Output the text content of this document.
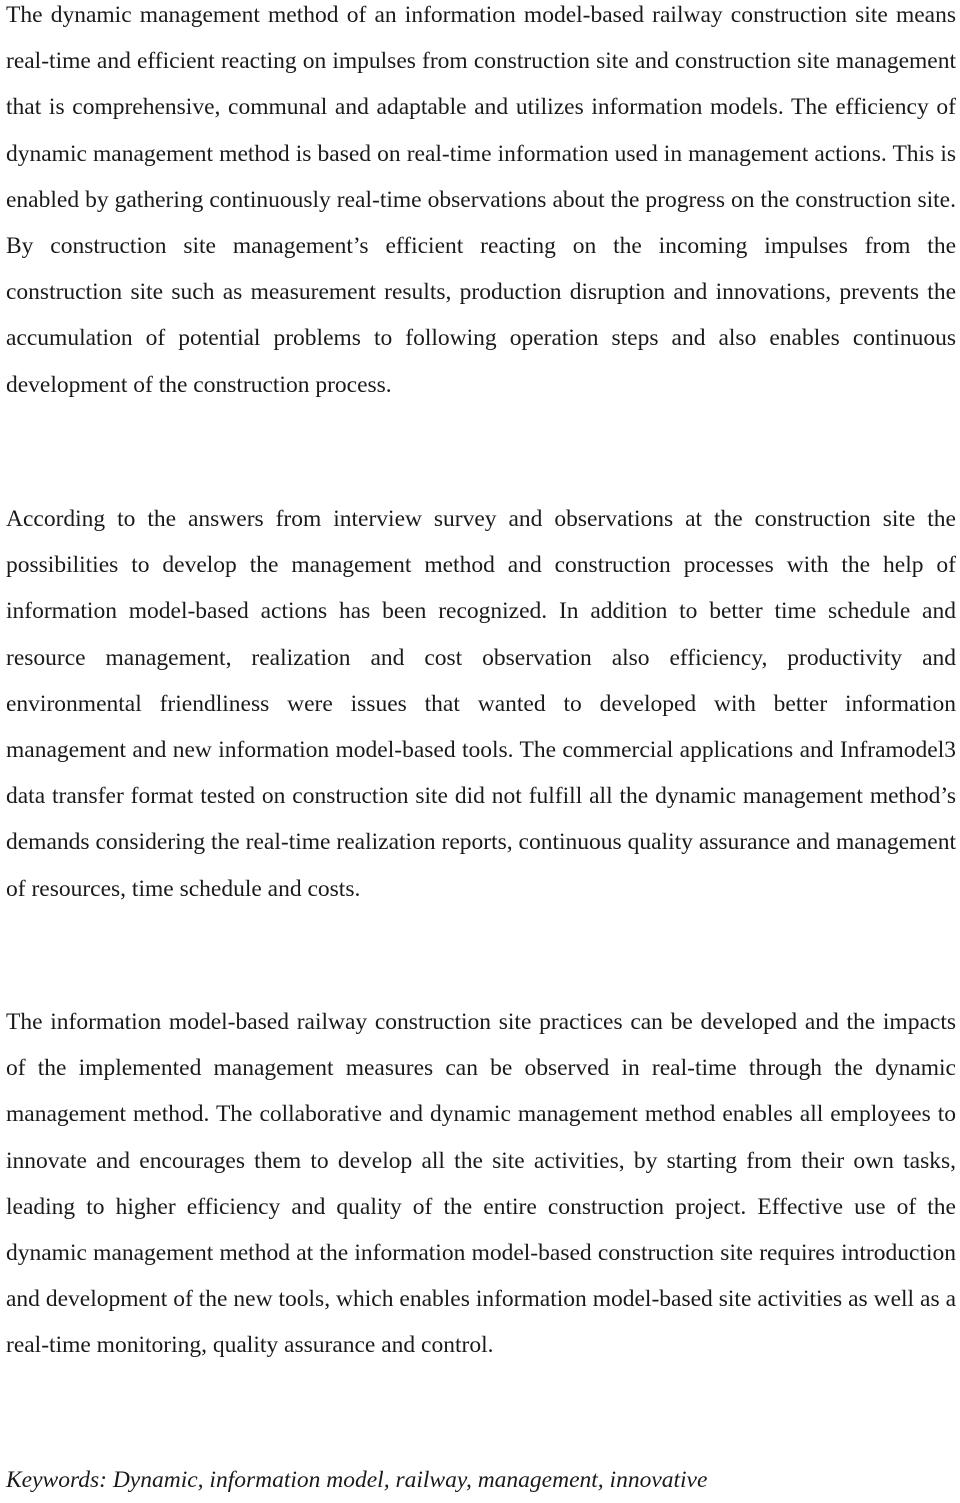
The dynamic management method of an information model-based railway construction site means real-time and efficient reacting on impulses from construction site and construction site management that is comprehensive, communal and adaptable and utilizes information models. The efficiency of dynamic management method is based on real-time information used in management actions. This is enabled by gathering continuously real-time observations about the progress on the construction site. By construction site management’s efficient reacting on the incoming impulses from the construction site such as measurement results, production disruption and innovations, prevents the accumulation of potential problems to following operation steps and also enables continuous development of the construction process.

According to the answers from interview survey and observations at the construction site the possibilities to develop the management method and construction processes with the help of information model-based actions has been recognized. In addition to better time schedule and resource management, realization and cost observation also efficiency, productivity and environmental friendliness were issues that wanted to developed with better information management and new information model-based tools. The commercial applications and Inframodel3 data transfer format tested on construction site did not fulfill all the dynamic management method’s demands considering the real-time realization reports, continuous quality assurance and management of resources, time schedule and costs.

The information model-based railway construction site practices can be developed and the impacts of the implemented management measures can be observed in real-time through the dynamic management method. The collaborative and dynamic management method enables all employees to innovate and encourages them to develop all the site activities, by starting from their own tasks, leading to higher efficiency and quality of the entire construction project. Effective use of the dynamic management method at the information model-based construction site requires introduction and development of the new tools, which enables information model-based site activities as well as a real-time monitoring, quality assurance and control.

Keywords: Dynamic, information model, railway, management, innovative
